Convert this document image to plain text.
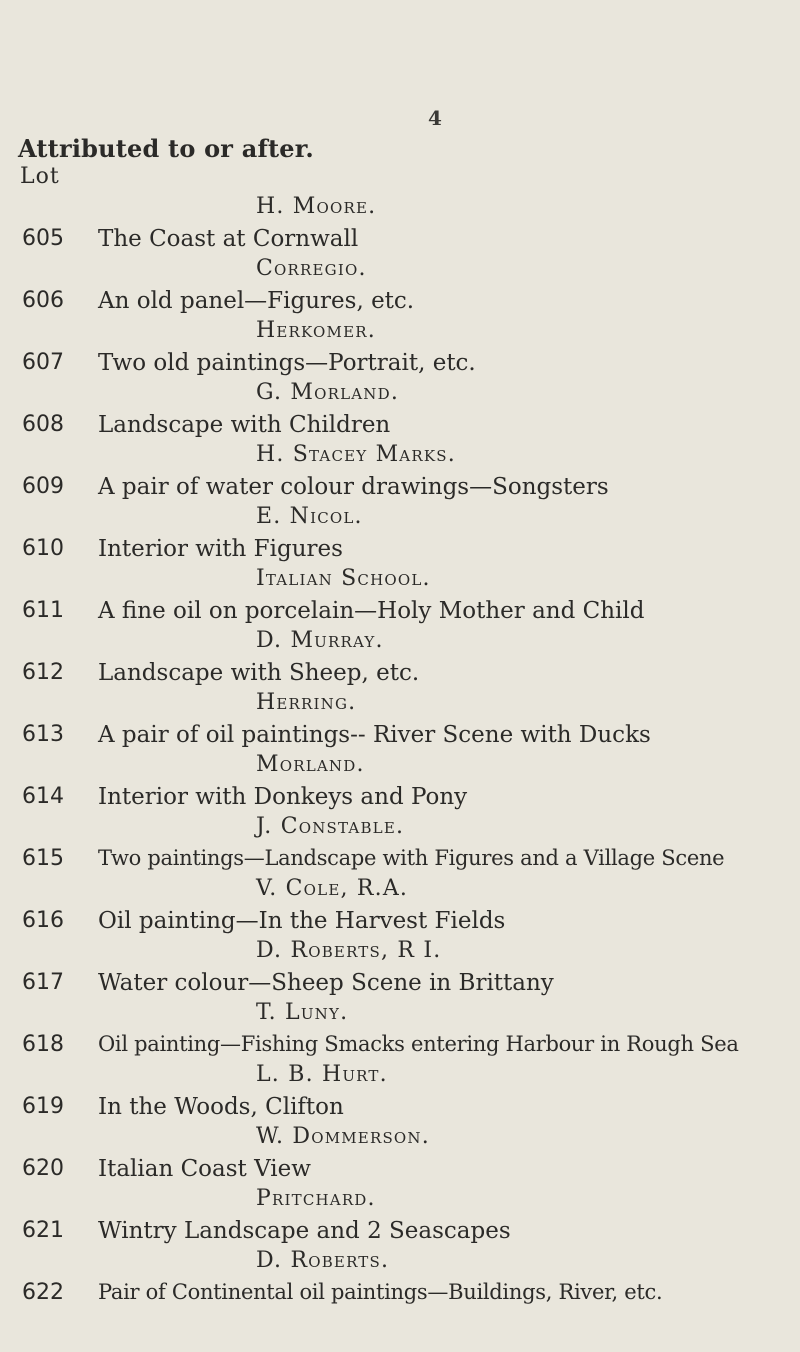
4
Attributed to or after.
Lot
H. Moore.
605 The Coast at Cornwall
Corregio.
606 An old panel—Figures, etc.
Herkomer.
607 Two old paintings—Portrait, etc.
G. Morland.
608 Landscape with Children
H. Stacey Marks.
609 A pair of water colour drawings—Songsters
E. Nicol.
610 Interior with Figures
Italian School.
611 A fine oil on porcelain—Holy Mother and Child
D. Murray.
612 Landscape with Sheep, etc.
Herring.
613 A pair of oil paintings-- River Scene with Ducks
Morland.
614 Interior with Donkeys and Pony
J. Constable.
615 Two paintings—Landscape with Figures and a Village Scene
V. Cole, R.A.
616 Oil painting—In the Harvest Fields
D. Roberts, R I.
617 Water colour—Sheep Scene in Brittany
T. Luny.
618 Oil painting—Fishing Smacks entering Harbour in Rough Sea
L. B. Hurt.
619 In the Woods, Clifton
W. Dommerson.
620 Italian Coast View
Pritchard.
621 Wintry Landscape and 2 Seascapes
D. Roberts.
622 Pair of Continental oil paintings—Buildings, River, etc.
